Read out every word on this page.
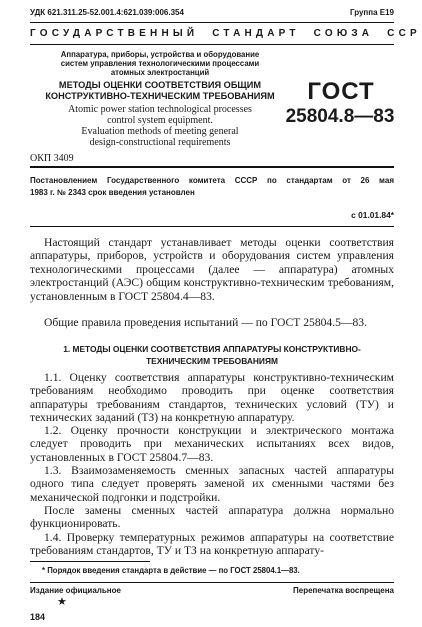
УДК 621.311.25-52.001.4:621.039:006.354	Группа Е19
ГОСУДАРСТВЕННЫЙ  СТАНДАРТ  СОЮЗА  ССР
Аппаратура, приборы, устройства и оборудование
систем управления технологическими процессами
атомных электростанций
МЕТОДЫ ОЦЕНКИ СООТВЕТСТВИЯ ОБЩИМ
КОНСТРУКТИВНО-ТЕХНИЧЕСКИМ ТРЕБОВАНИЯМ
Atomic power station technological processes
control system equipment.
Evaluation methods of meeting general
design-constructional requirements
ОКП 3409
ГОСТ
25804.8—83
Постановлением Государственного комитета СССР по стандартам от 26 мая
1983 г. № 2343 срок введения установлен
с 01.01.84*
Настоящий стандарт устанавливает методы оценки соответствия аппаратуры, приборов, устройств и оборудования систем управления технологическими процессами (далее — аппаратура) атомных электростанций (АЭС) общим конструктивно-техническим требованиям, установленным в ГОСТ 25804.4—83.
Общие правила проведения испытаний — по ГОСТ 25804.5—83.
1. МЕТОДЫ ОЦЕНКИ СООТВЕТСТВИЯ АППАРАТУРЫ КОНСТРУКТИВНО-
ТЕХНИЧЕСКИМ ТРЕБОВАНИЯМ
1.1. Оценку соответствия аппаратуры конструктивно-техническим требованиям необходимо проводить при оценке соответствия аппаратуры требованиям стандартов, технических условий (ТУ) и технических заданий (ТЗ) на конкретную аппаратуру.
1.2. Оценку прочности конструкции и электрического монтажа следует проводить при механических испытаниях всех видов, установленных в ГОСТ 25804.7—83.
1.3. Взаимозаменяемость сменных запасных частей аппаратуры одного типа следует проверять заменой их сменными частями без механической подгонки и подстройки.
После замены сменных частей аппаратура должна нормально функционировать.
1.4. Проверку температурных режимов аппаратуры на соответствие требованиям стандартов, ТУ и ТЗ на конкретную аппарату-
* Порядок введения стандарта в действие — по ГОСТ 25804.1—83.
Издание официальное	Перепечатка воспрещена
★
184
